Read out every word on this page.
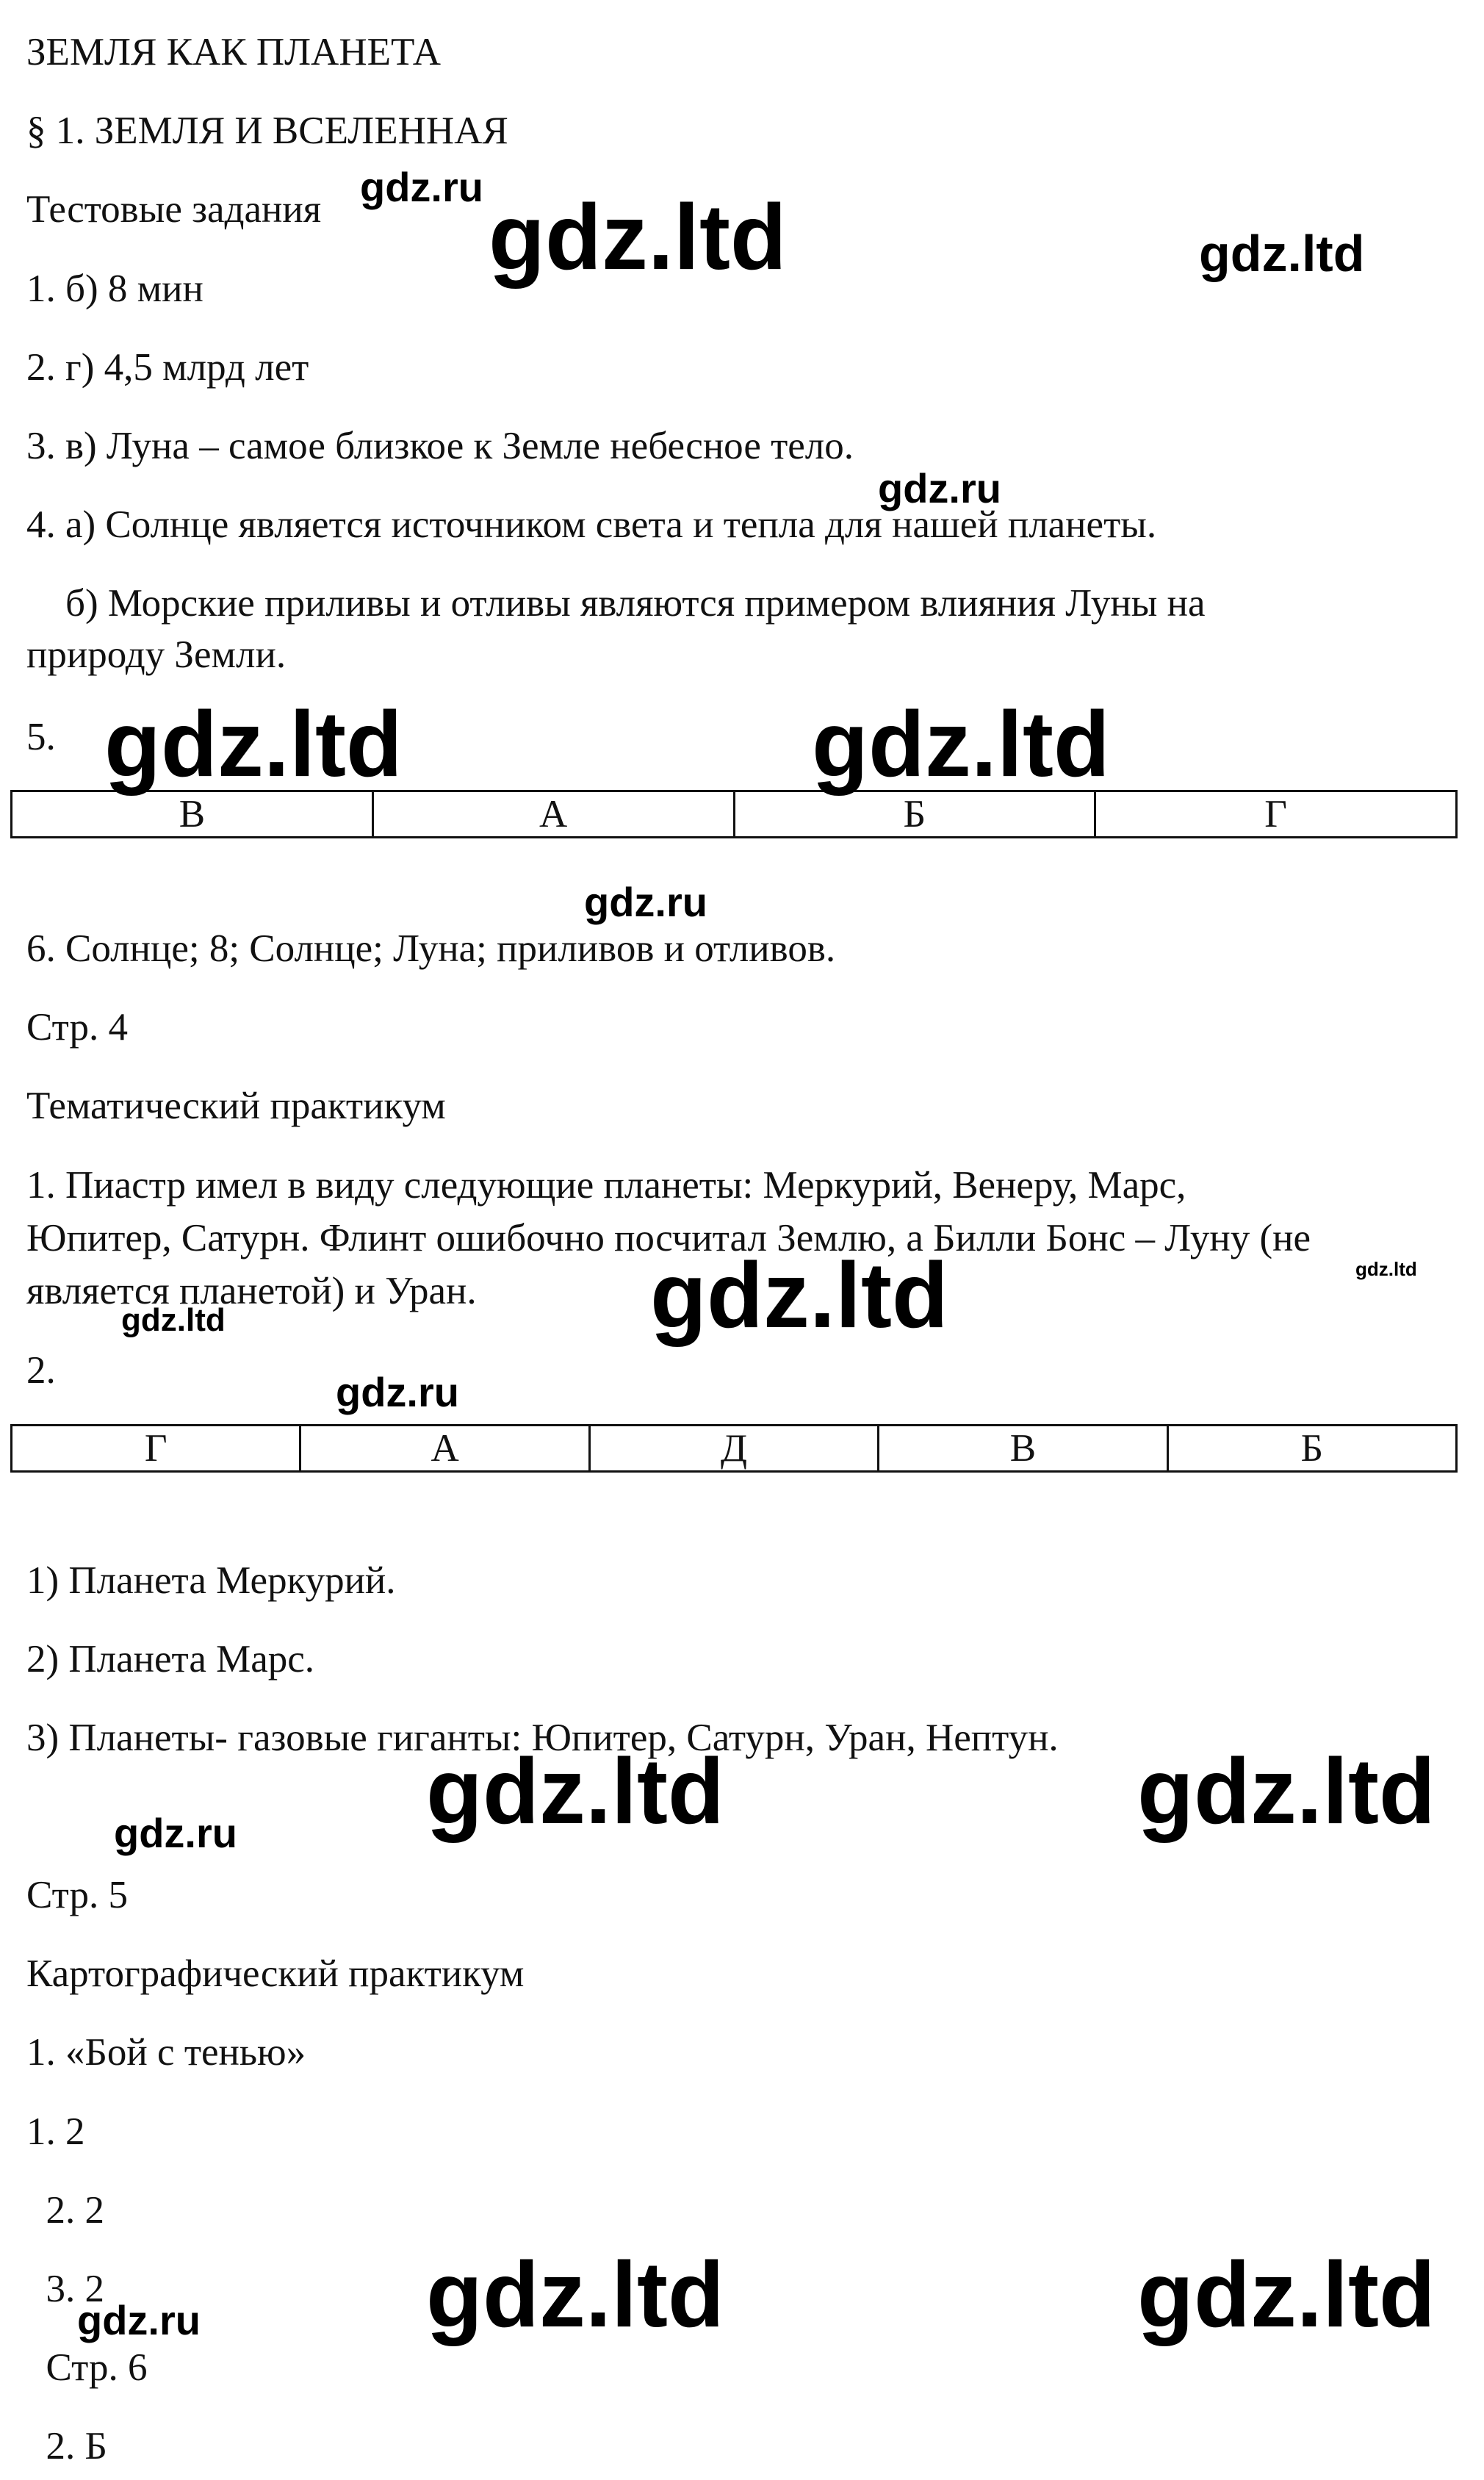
ЗЕМЛЯ КАК ПЛАНЕТА
§ 1. ЗЕМЛЯ И ВСЕЛЕННАЯ
Тестовые задания
1. б) 8 мин
2. г) 4,5 млрд лет
3. в) Луна – самое близкое к Земле небесное тело.
4. а) Солнце является источником света и тепла для нашей планеты.
б) Морские приливы и отливы являются примером влияния Луны на
природу Земли.
5.
В	А	Б	Г
6. Солнце; 8; Солнце; Луна; приливов и отливов.
Стр. 4
Тематический практикум
1. Пиастр имел в виду следующие планеты: Меркурий, Венеру, Марс,
Юпитер, Сатурн. Флинт ошибочно посчитал Землю, а Билли Бонс – Луну (не
является планетой) и Уран.
2.
Г	А	Д	В	Б
1) Планета Меркурий.
2) Планета Марс.
3) Планеты- газовые гиганты: Юпитер, Сатурн, Уран, Нептун.
Стр. 5
Картографический практикум
1. «Бой с тенью»
1. 2
2. 2
3. 2
Стр. 6
2. Б
gdz.ru gdz.ltd	gdz.ltd
gdz.ru
gdz.ltd	gdz.ltd
gdz.ru
gdz.ltd	gdz.ltd
gdz.ltd
gdz.ru
gdz.ltd	gdz.ltd
gdz.ru
gdz.ltd	gdz.ltd
gdz.ru
